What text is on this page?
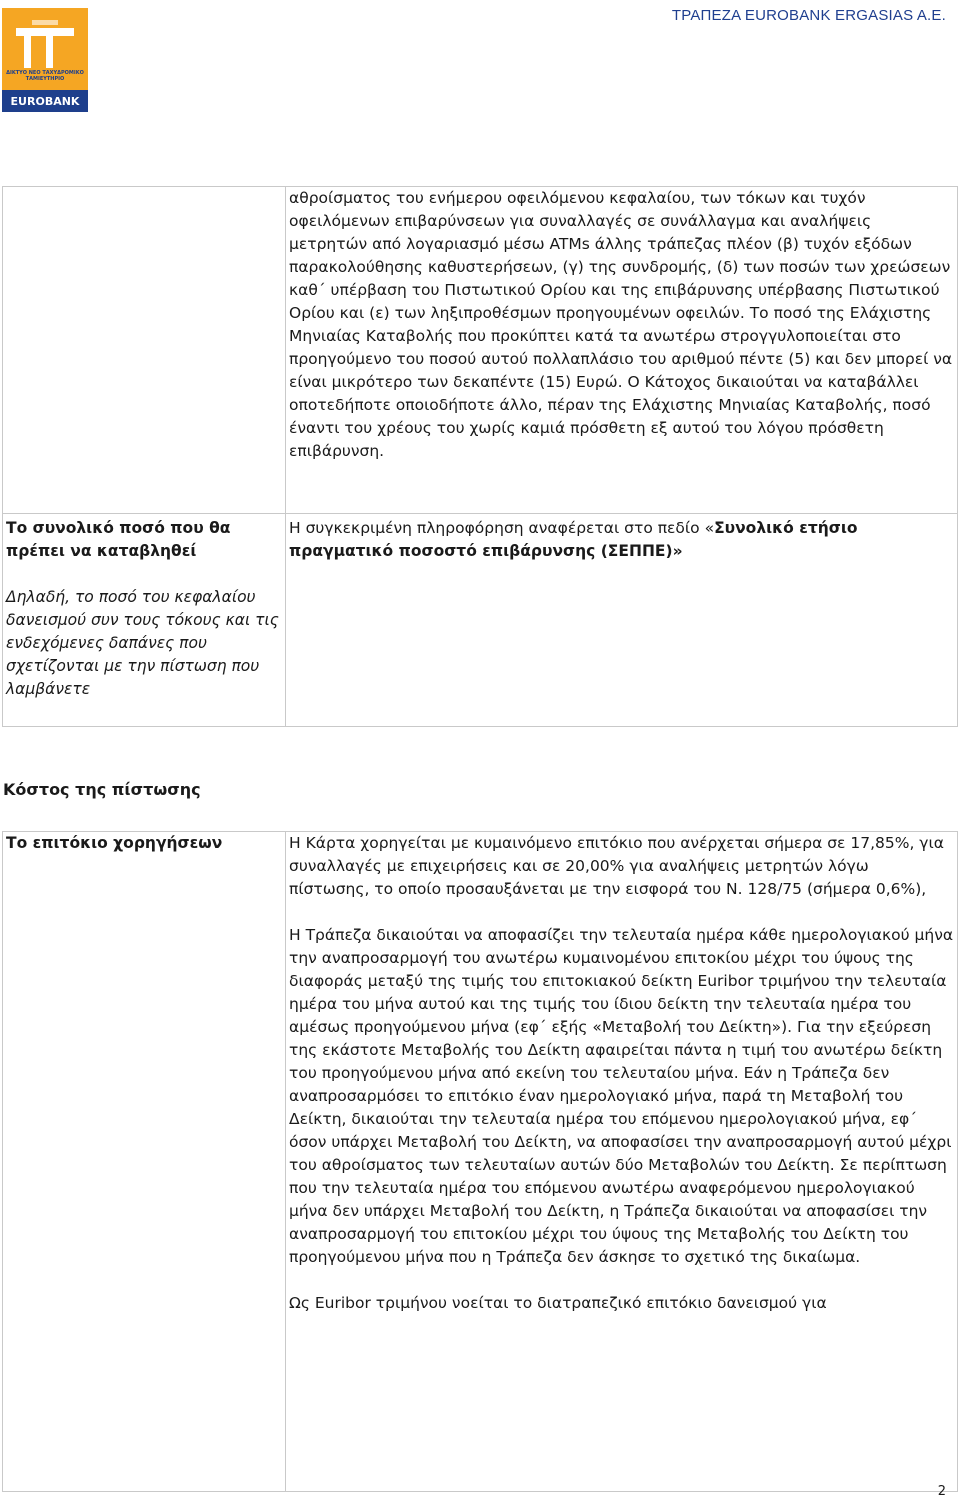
ΔΙΚΤΥΟ ΝΕΟ ΤΑΧΥΔΡΟΜΙΚΟ ΤΑΜΙΕΥΤΗΡΙΟ
EUROBANK
ΤΡΑΠΕΖΑ EUROBANK ERGASIAS A.E.
	αθροίσματος του ενήμερου οφειλόμενου κεφαλαίου, των τόκων και τυχόν οφειλόμενων επιβαρύνσεων για συναλλαγές σε συνάλλαγμα και αναλήψεις μετρητών από λογαριασμό μέσω ATMs άλλης τράπεζας πλέον (β) τυχόν εξόδων παρακολούθησης καθυστερήσεων, (γ) της συνδρομής, (δ) των ποσών των χρεώσεων καθ΄ υπέρβαση του Πιστωτικού Ορίου και της επιβάρυνσης υπέρβασης Πιστωτικού Ορίου και (ε) των ληξιπροθέσμων προηγουμένων οφειλών. Το ποσό της Ελάχιστης Μηνιαίας Καταβολής που προκύπτει κατά τα ανωτέρω στρογγυλοποιείται στο προηγούμενο του ποσού αυτού πολλαπλάσιο του αριθμού πέντε (5) και δεν μπορεί να είναι μικρότερο των δεκαπέντε (15) Ευρώ. Ο Κάτοχος δικαιούται να καταβάλλει οποτεδήποτε οποιοδήποτε άλλο, πέραν της Ελάχιστης Μηνιαίας Καταβολής, ποσό έναντι του χρέους του χωρίς καμιά πρόσθετη εξ αυτού του λόγου πρόσθετη επιβάρυνση.

Το συνολικό ποσό που θα πρέπει να καταβληθεί
Δηλαδή, το ποσό του κεφαλαίου δανεισμού συν τους τόκους και τις ενδεχόμενες δαπάνες που σχετίζονται με την πίστωση που λαμβάνετε	Η συγκεκριμένη πληροφόρηση αναφέρεται στο πεδίο «Συνολικό ετήσιο πραγματικό ποσοστό επιβάρυνσης (ΣΕΠΠΕ)»
Κόστος της πίστωσης
Το επιτόκιο χορηγήσεων	Η Κάρτα χορηγείται με κυμαινόμενο επιτόκιο που ανέρχεται σήμερα σε 17,85%, για συναλλαγές με επιχειρήσεις και σε 20,00% για αναλήψεις μετρητών λόγω πίστωσης, το οποίο προσαυξάνεται με την εισφορά του Ν. 128/75 (σήμερα 0,6%),
Η Τράπεζα δικαιούται να αποφασίζει την τελευταία ημέρα κάθε ημερολογιακού μήνα την αναπροσαρμογή του ανωτέρω κυμαινομένου επιτοκίου μέχρι του ύψους της διαφοράς μεταξύ της τιμής του επιτοκιακού δείκτη Euribor τριμήνου την τελευταία ημέρα του μήνα αυτού και της τιμής του ίδιου δείκτη την τελευταία ημέρα του αμέσως προηγούμενου μήνα (εφ΄ εξής «Μεταβολή του Δείκτη»). Για την εξεύρεση της εκάστοτε Μεταβολής του Δείκτη αφαιρείται πάντα η τιμή του ανωτέρω δείκτη του προηγούμενου μήνα από εκείνη του τελευταίου μήνα. Εάν η Τράπεζα δεν αναπροσαρμόσει το επιτόκιο έναν ημερολογιακό μήνα, παρά τη Μεταβολή του Δείκτη, δικαιούται την τελευταία ημέρα του επόμενου ημερολογιακού μήνα, εφ΄ όσον υπάρχει Μεταβολή του Δείκτη, να αποφασίσει την αναπροσαρμογή αυτού μέχρι του αθροίσματος των τελευταίων αυτών δύο Μεταβολών του Δείκτη. Σε περίπτωση που την τελευταία ημέρα του επόμενου ανωτέρω αναφερόμενου ημερολογιακού μήνα δεν υπάρχει Μεταβολή του Δείκτη, η Τράπεζα δικαιούται να αποφασίσει την αναπροσαρμογή του επιτοκίου μέχρι του ύψους της Μεταβολής του Δείκτη του προηγούμενου μήνα που η Τράπεζα δεν άσκησε το σχετικό της δικαίωμα.
Ως Euribor τριμήνου νοείται το διατραπεζικό επιτόκιο δανεισμού για
2
